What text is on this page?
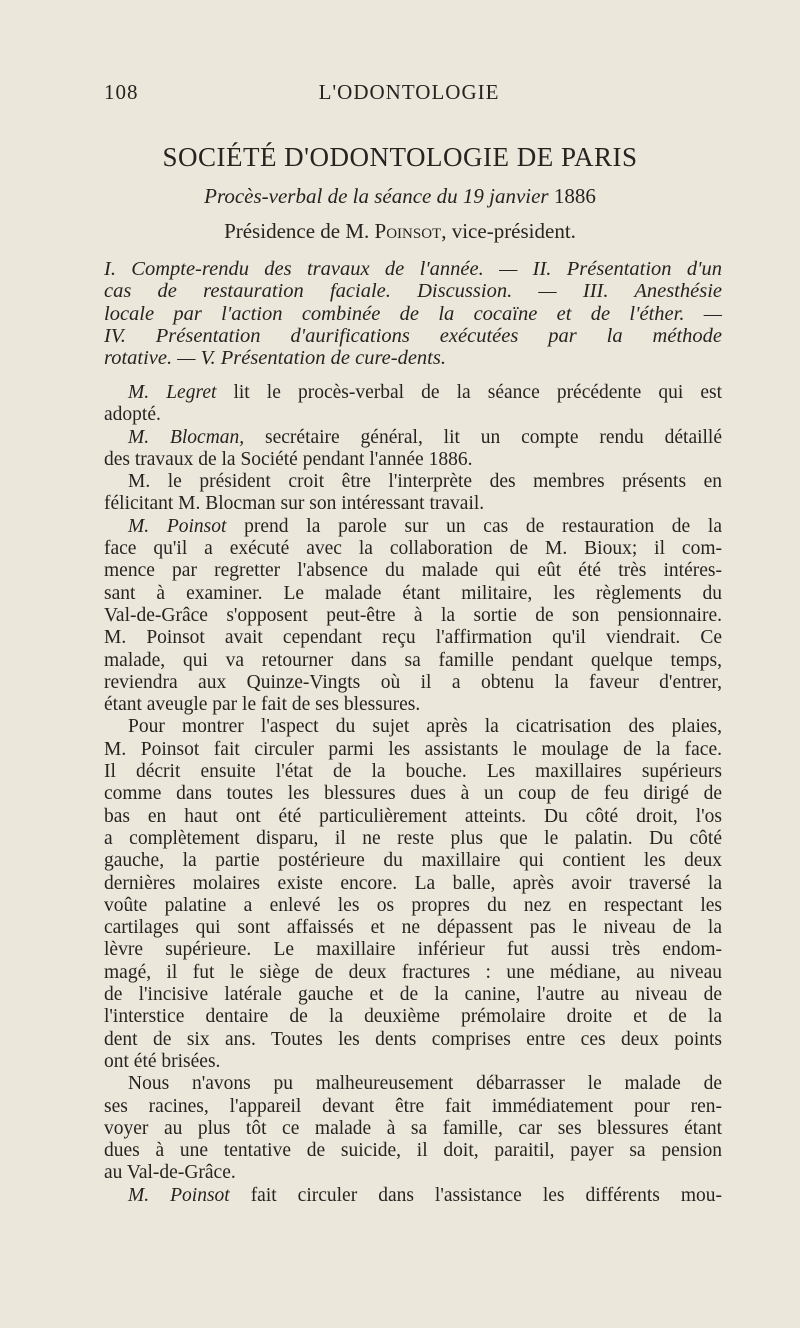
108	L'ODONTOLOGIE
SOCIÉTÉ D'ODONTOLOGIE DE PARIS
Procès-verbal de la séance du 19 janvier 1886
Présidence de M. Poinsot, vice-président.
I. Compte-rendu des travaux de l'année. — II. Présentation d'un
cas de restauration faciale. Discussion. — III. Anesthésie
locale par l'action combinée de la cocaïne et de l'éther. —
IV. Présentation d'aurifications exécutées par la méthode
rotative. — V. Présentation de cure-dents.
M. Legret lit le procès-verbal de la séance précédente qui est
adopté.
M. Blocman, secrétaire général, lit un compte rendu détaillé
des travaux de la Société pendant l'année 1886.
M. le président croit être l'interprète des membres présents en
félicitant M. Blocman sur son intéressant travail.
M. Poinsot prend la parole sur un cas de restauration de la
face qu'il a exécuté avec la collaboration de M. Bioux; il com-
mence par regretter l'absence du malade qui eût été très intéres-
sant à examiner. Le malade étant militaire, les règlements du
Val-de-Grâce s'opposent peut-être à la sortie de son pensionnaire.
M. Poinsot avait cependant reçu l'affirmation qu'il viendrait. Ce
malade, qui va retourner dans sa famille pendant quelque temps,
reviendra aux Quinze-Vingts où il a obtenu la faveur d'entrer,
étant aveugle par le fait de ses blessures.
Pour montrer l'aspect du sujet après la cicatrisation des plaies,
M. Poinsot fait circuler parmi les assistants le moulage de la face.
Il décrit ensuite l'état de la bouche. Les maxillaires supérieurs
comme dans toutes les blessures dues à un coup de feu dirigé de
bas en haut ont été particulièrement atteints. Du côté droit, l'os
a complètement disparu, il ne reste plus que le palatin. Du côté
gauche, la partie postérieure du maxillaire qui contient les deux
dernières molaires existe encore. La balle, après avoir traversé la
voûte palatine a enlevé les os propres du nez en respectant les
cartilages qui sont affaissés et ne dépassent pas le niveau de la
lèvre supérieure. Le maxillaire inférieur fut aussi très endom-
magé, il fut le siège de deux fractures : une médiane, au niveau
de l'incisive latérale gauche et de la canine, l'autre au niveau de
l'interstice dentaire de la deuxième prémolaire droite et de la
dent de six ans. Toutes les dents comprises entre ces deux points
ont été brisées.
Nous n'avons pu malheureusement débarrasser le malade de
ses racines, l'appareil devant être fait immédiatement pour ren-
voyer au plus tôt ce malade à sa famille, car ses blessures étant
dues à une tentative de suicide, il doit, paraitil, payer sa pension
au Val-de-Grâce.
M. Poinsot fait circuler dans l'assistance les différents mou-
